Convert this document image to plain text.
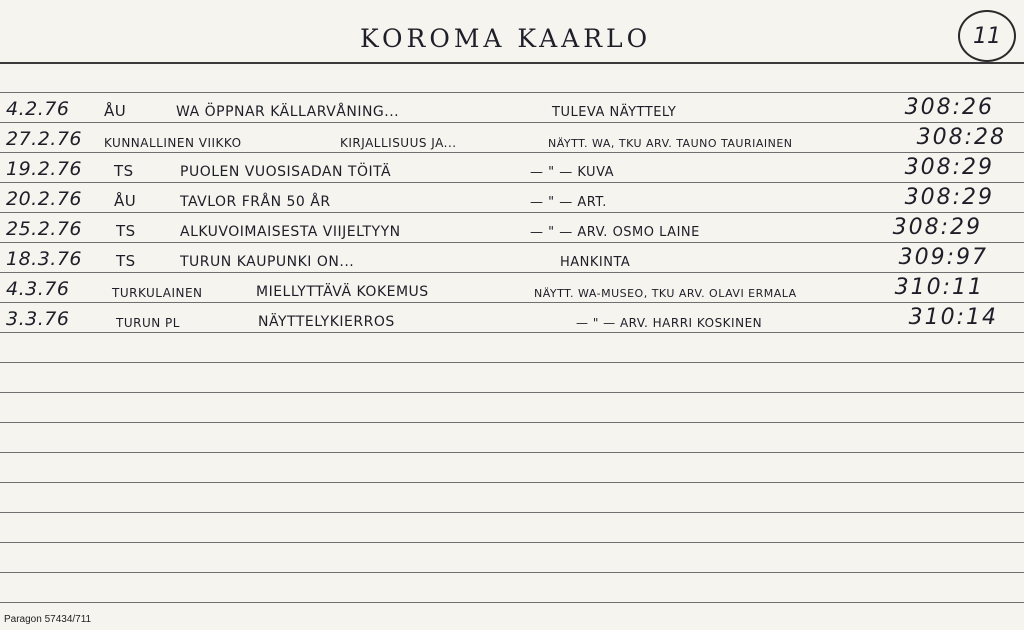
KOROMA KAARLO	11
4.2.76 ÅU	WA ÖPPNAR KÄLLARVÅNING...	TULEVA NÄYTTELY	308:26
27.2.76 KUNNALLINEN VIIKKO	KIRJALLISUUS JA...	NÄYTT. WA, TKU ARV. TAUNO TAURIAINEN	308:28
19.2.76 TS	PUOLEN VUOSISADAN TÖITÄ	— " — KUVA	308:29
20.2.76 ÅU	TAVLOR FRÅN 50 ÅR	— " — ART.	308:29
25.2.76 TS	ALKUVOIMAISESTA VIIJELTYYN	— " — ARV. OSMO LAINE	308:29
18.3.76 TS	TURUN KAUPUNKI ON...	HANKINTA	309:97
4.3.76	TURKULAINEN	MIELLYTTÄVÄ KOKEMUS	NÄYTT. WA-MUSEO, TKU ARV. OLAVI ERMALA	310:11
3.3.76	TURUN PL	NÄYTTELYKIERROS	— " — ARV. HARRI KOSKINEN	310:14
Paragon 57434/711
